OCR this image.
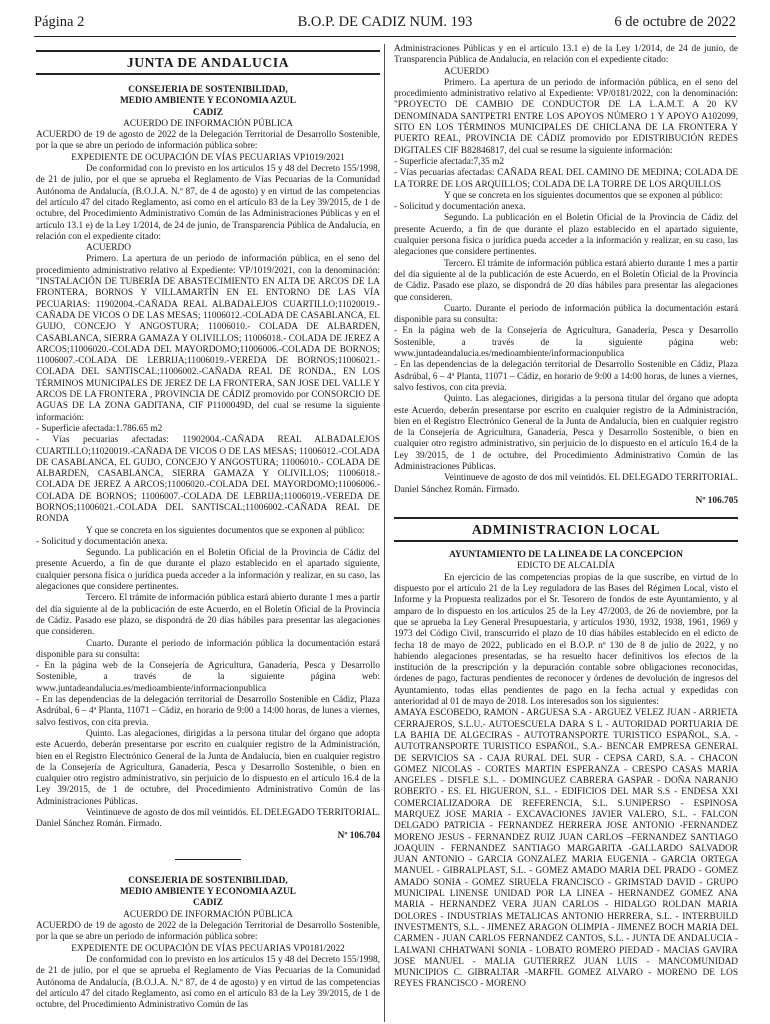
Página 2	B.O.P. DE CADIZ NUM. 193	6 de octubre de 2022
JUNTA DE ANDALUCIA
CONSEJERIA DE SOSTENIBILIDAD,
MEDIO AMBIENTE Y ECONOMIA AZUL
CADIZ
ACUERDO DE INFORMACIÓN PÚBLICA

ACUERDO de 19 de agosto de 2022 de la Delegación Territorial de Desarrollo Sostenible, por la que se abre un periodo de información pública sobre:

EXPEDIENTE DE OCUPACIÓN DE VÍAS PECUARIAS VP1019/2021

De conformidad con lo previsto en los artículos 15 y 48 del Decreto 155/1998, de 21 de julio, por el que se aprueba el Reglamento de Vías Pecuarias de la Comunidad Autónoma de Andalucía, (B.O.J.A. N.º 87, de 4 de agosto) y en virtud de las competencias del artículo 47 del citado Reglamento, así como en el artículo 83 de la Ley 39/2015, de 1 de octubre, del Procedimiento Administrativo Común de las Administraciones Públicas y en el artículo 13.1 e) de la Ley 1/2014, de 24 de junio, de Transparencia Pública de Andalucía, en relación con el expediente citado:

ACUERDO

Primero. La apertura de un periodo de información pública, en el seno del procedimiento administrativo relativo al Expediente: VP/1019/2021, con la denominación: "INSTALACIÓN DE TUBERÍA DE ABASTECIMIENTO EN ALTA DE ARCOS DE LA FRONTERA, BORNOS Y VILLAMARTÍN EN EL ENTORNO DE LAS VÍA PECUARIAS: 11902004.-CAÑADA REAL ALBADALEJOS CUARTILLO;11020019.-CAÑADA DE VICOS O DE LAS MESAS; 11006012.-COLADA DE CASABLANCA, EL GUIJO, CONCEJO Y ANGOSTURA; 11006010.- COLADA DE ALBARDEN, CASABLANCA, SIERRA GAMAZA Y OLIVILLOS; 11006018.- COLADA DE JEREZ A ARCOS;11006020.-COLADA DEL MAYORDOMO;11006006.-COLADA DE BORNOS; 11006007.-COLADA DE LEBRIJA;11006019.-VEREDA DE BORNOS;11006021.-COLADA DEL SANTISCAL;11006002.-CAÑADA REAL DE RONDA., EN LOS TÉRMINOS MUNICIPALES DE JEREZ DE LA FRONTERA, SAN JOSE DEL VALLE Y ARCOS DE LA FRONTERA , PROVINCIA DE CÁDIZ promovido por CONSORCIO DE AGUAS DE LA ZONA GADITANA, CIF P1100049D, del cual se resume la siguiente información:

- Superficie afectada:1.786.65 m2

- Vías pecuarias afectadas: 11902004.-CAÑADA REAL ALBADALEJOS CUARTILLO;11020019.-CAÑADA DE VICOS O DE LAS MESAS; 11006012.-COLADA DE CASABLANCA, EL GUIJO, CONCEJO Y ANGOSTURA; 11006010.- COLADA DE ALBARDEN, CASABLANCA, SIERRA GAMAZA Y OLIVILLOS; 11006018.- COLADA DE JEREZ A ARCOS;11006020.-COLADA DEL MAYORDOMO;11006006.-COLADA DE BORNOS; 11006007.-COLADA DE LEBRIJA;11006019.-VEREDA DE BORNOS;11006021.-COLADA DEL SANTISCAL;11006002.-CAÑADA REAL DE RONDA

Y que se concreta en los siguientes documentos que se exponen al público:

- Solicitud y documentación anexa.

Segundo. La publicación en el Boletín Oficial de la Provincia de Cádiz del presente Acuerdo, a fin de que durante el plazo establecido en el apartado siguiente, cualquier persona física o jurídica pueda acceder a la información y realizar, en su caso, las alegaciones que considere pertinentes.

Tercero. El trámite de información pública estará abierto durante 1 mes a partir del día siguiente al de la publicación de este Acuerdo, en el Boletín Oficial de la Provincia de Cádiz. Pasado ese plazo, se dispondrá de 20 días hábiles para presentar las alegaciones que consideren.

Cuarto. Durante el periodo de información pública la documentación estará disponible para su consulta:

- En la página web de la Consejería de Agricultura, Ganadería, Pesca y Desarrollo Sostenible, a través de la siguiente página web: www.juntadeandalucia.es/medioambiente/informacionpublica

- En las dependencias de la delegación territorial de Desarrollo Sostenible en Cádiz, Plaza Asdrúbal, 6 – 4ª Planta, 11071 – Cádiz, en horario de 9:00 a 14:00 horas, de lunes a viernes, salvo festivos, con cita previa.

Quinto. Las alegaciones, dirigidas a la persona titular del órgano que adopta este Acuerdo, deberán presentarse por escrito en cualquier registro de la Administración, bien en el Registro Electrónico General de la Junta de Andalucía, bien en cualquier registro de la Consejería de Agricultura, Ganadería, Pesca y Desarrollo Sostenible, o bien en cualquier otro registro administrativo, sin perjuicio de lo dispuesto en el artículo 16.4 de la Ley 39/2015, de 1 de octubre, del Procedimiento Administrativo Común de las Administraciones Públicas.

Veintinueve de agosto de dos mil veintidós. EL DELEGADO TERRITORIAL. Daniel Sánchez Román. Firmado.

Nº 106.704

CONSEJERIA DE SOSTENIBILIDAD,
MEDIO AMBIENTE Y ECONOMIA AZUL
CADIZ
ACUERDO DE INFORMACIÓN PÚBLICA

ACUERDO de 19 de agosto de 2022 de la Delegación Territorial de Desarrollo Sostenible, por la que se abre un periodo de información pública sobre:

EXPEDIENTE DE OCUPACIÓN DE VÍAS PECUARIAS VP0181/2022

De conformidad con lo previsto en los artículos 15 y 48 del Decreto 155/1998, de 21 de julio, por el que se aprueba el Reglamento de Vías Pecuarias de la Comunidad Autónoma de Andalucía, (B.O.J.A. N.º 87, de 4 de agosto) y en virtud de las competencias del artículo 47 del citado Reglamento, así como en el artículo 83 de la Ley 39/2015, de 1 de octubre, del Procedimiento Administrativo Común de las

Administraciones Públicas y en el artículo 13.1 e) de la Ley 1/2014, de 24 de junio, de Transparencia Pública de Andalucía, en relación con el expediente citado:

ACUERDO

Primero. La apertura de un periodo de información pública, en el seno del procedimiento administrativo relativo al Expediente: VP/0181/2022, con la denominación: "PROYECTO DE CAMBIO DE CONDUCTOR DE LA L.A.M.T. A 20 KV DENOMINADA SANTPETRI ENTRE LOS APOYOS NÚMERO 1 Y APOYO A102099, SITO EN LOS TÉRMINOS MUNICIPALES DE CHICLANA DE LA FRONTERA Y PUERTO REAL, PROVINCIA DE CÁDIZ promovido por EDISTRIBUCIÓN REDES DIGITALES CIF B82846817, del cual se resume la siguiente información:

- Superficie afectada:7,35 m2

- Vías pecuarias afectadas: CAÑADA REAL DEL CAMINO DE MEDINA; COLADA DE LA TORRE DE LOS ARQUILLOS; COLADA DE LA TORRE DE LOS ARQUILLOS

Y que se concreta en los siguientes documentos que se exponen al público:

- Solicitud y documentación anexa.

Segundo. La publicación en el Boletín Oficial de la Provincia de Cádiz del presente Acuerdo, a fin de que durante el plazo establecido en el apartado siguiente, cualquier persona física o jurídica pueda acceder a la información y realizar, en su caso, las alegaciones que considere pertinentes.

Tercero. El trámite de información pública estará abierto durante 1 mes a partir del día siguiente al de la publicación de este Acuerdo, en el Boletín Oficial de la Provincia de Cádiz. Pasado ese plazo, se dispondrá de 20 días hábiles para presentar las alegaciones que consideren.

Cuarto. Durante el periodo de información pública la documentación estará disponible para su consulta:

- En la página web de la Consejería de Agricultura, Ganadería, Pesca y Desarrollo Sostenible, a través de la siguiente página web: www.juntadeandalucia.es/medioambiente/informacionpublica

- En las dependencias de la delegación territorial de Desarrollo Sostenible en Cádiz, Plaza Asdrúbal, 6 – 4ª Planta, 11071 – Cádiz, en horario de 9:00 a 14:00 horas, de lunes a viernes, salvo festivos, con cita previa.

Quinto. Las alegaciones, dirigidas a la persona titular del órgano que adopta este Acuerdo, deberán presentarse por escrito en cualquier registro de la Administración, bien en el Registro Electrónico General de la Junta de Andalucía, bien en cualquier registro de la Consejería de Agricultura, Ganadería, Pesca y Desarrollo Sostenible, o bien en cualquier otro registro administrativo, sin perjuicio de lo dispuesto en el artículo 16.4 de la Ley 39/2015, de 1 de octubre, del Procedimiento Administrativo Común de las Administraciones Públicas.

Veintinueve de agosto de dos mil veintidós. EL DELEGADO TERRITORIAL. Daniel Sánchez Román. Firmado.

Nº 106.705

ADMINISTRACION LOCAL
AYUNTAMIENTO DE LA LINEA DE LA CONCEPCION
EDICTO DE ALCALDÍA

En ejercicio de las competencias propias de la que suscribe, en virtud de lo dispuesto por el artículo 21 de la Ley reguladora de las Bases del Régimen Local, visto el Informe y la Propuesta realizados por el Sr. Tesorero de fondos de este Ayuntamiento, y al amparo de lo dispuesto en los artículos 25 de la Ley 47/2003, de 26 de noviembre, por la que se aprueba la Ley General Presupuestaria, y artículos 1930, 1932, 1938, 1961, 1969 y 1973 del Código Civil, transcurrido el plazo de 10 días hábiles establecido en el edicto de fecha 18 de mayo de 2022, publicado en el B.O.P. nº 130 de 8 de julio de 2022, y no habiendo alegaciones presentadas, se ha resuelto hacer definitivos los efectos de la institución de la prescripción y la depuración contable sobre obligaciones reconocidas, órdenes de pago, facturas pendientes de reconocer y órdenes de devolución de ingresos del Ayuntamiento, todas ellas pendientes de pago en la fecha actual y expedidas con anterioridad al 01 de mayo de 2018. Los interesados son los siguientes:

AMAYA ESCOBEDO, RAMON - ARGUESA S.A - ARGUEZ VELEZ JUAN - ARRIETA CERRAJEROS, S.L.U.- AUTOESCUELA DARA S L - AUTORIDAD PORTUARIA DE LA BAHIA DE ALGECIRAS - AUTOTRANSPORTE TURISTICO ESPAÑOL, S.A. - AUTOTRANSPORTE TURISTICO ESPAÑOL, S.A.- BENCAR EMPRESA GENERAL DE SERVICIOS SA - CAJA RURAL DEL SUR - CEPSA CARD, S.A. - CHACON GOMEZ NICOLAS - CORTES MARTIN ESPERANZA - CRESPO CASAS MARIA ANGELES - DISFLE S.L. - DOMINGUEZ CABRERA GASPAR - DOÑA NARANJO ROBERTO - ES. EL HIGUERON, S.L. - EDIFICIOS DEL MAR S.S - ENDESA XXI COMERCIALIZADORA DE REFERENCIA, S.L. S.UNIPERSO - ESPINOSA MARQUEZ JOSE MARIA - EXCAVACIONES JAVIER VALERO, S.L. - FALCON DELGADO PATRICIA - FERNANDEZ HERRERA JOSE ANTONIO -FERNANDEZ MORENO JESUS - FERNANDEZ RUIZ JUAN CARLOS –FERNANDEZ SANTIAGO JOAQUIN - FERNANDEZ SANTIAGO MARGARITA -GALLARDO SALVADOR JUAN ANTONIO - GARCIA GONZALEZ MARIA EUGENIA - GARCIA ORTEGA MANUEL - GIBRALPLAST, S.L. - GOMEZ AMADO MARIA DEL PRADO - GOMEZ AMADO SONIA - GOMEZ SIRUELA FRANCISCO - GRIMSTAD DAVID - GRUPO MUNICIPAL LINENSE UNIDAD POR LA LINEA - HERNANDEZ GOMEZ ANA MARIA - HERNANDEZ VERA JUAN CARLOS - HIDALGO ROLDAN MARIA DOLORES - INDUSTRIAS METALICAS ANTONIO HERRERA, S.L. - INTERBUILD INVESTMENTS, S.L. - JIMENEZ ARAGON OLIMPIA - JIMENEZ BOCH MARIA DEL CARMEN - JUAN CARLOS FERNANDEZ CANTOS, S.L. - JUNTA DE ANDALUCIA - LALWANI CHHATWANI SONIA - LOBATO ROMERO PIEDAD - MACIAS GAVIRA JOSE MANUEL - MALIA GUTIERREZ JUAN LUIS - MANCOMUNIDAD MUNICIPIOS C. GIBRALTAR -MARFIL GOMEZ ALVARO - MORENO DE LOS REYES FRANCISCO - MORENO
